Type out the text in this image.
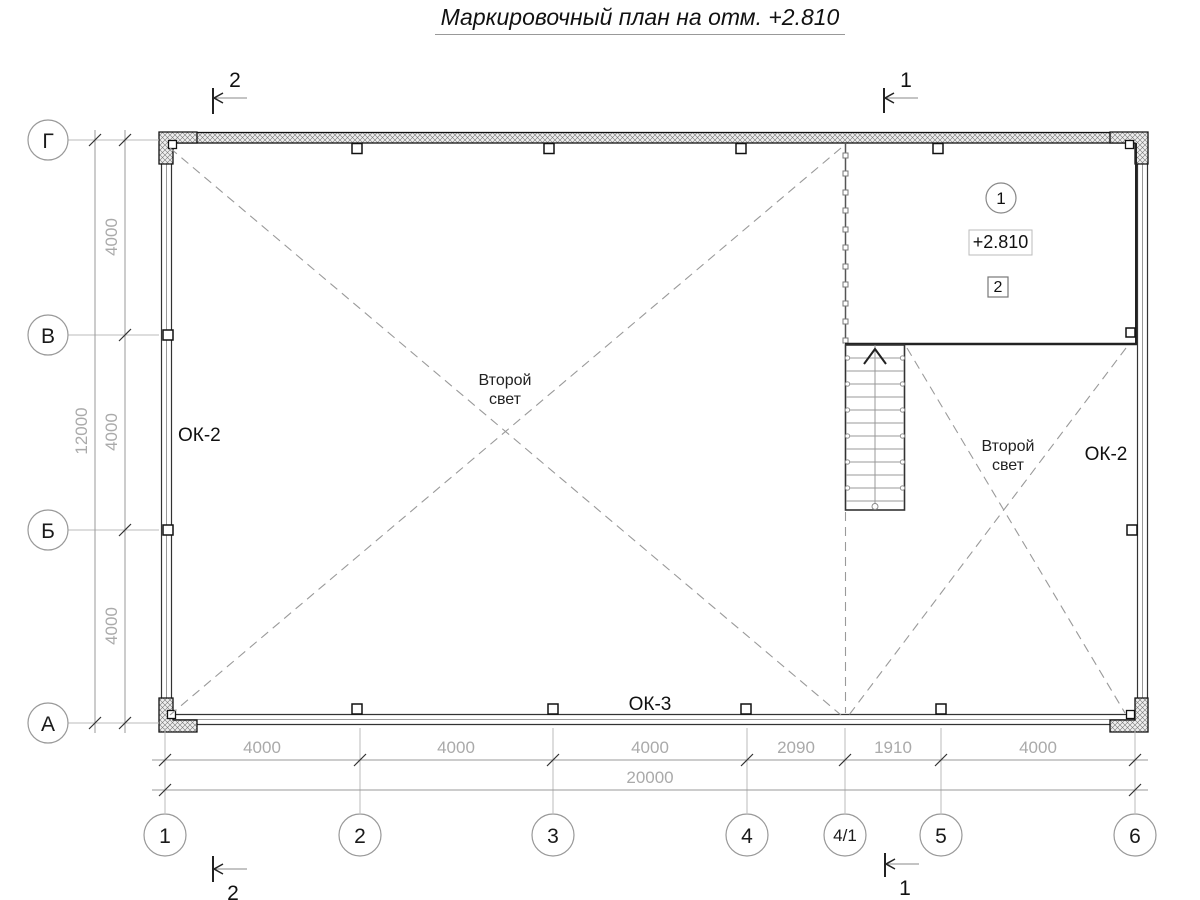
Маркировочный план на отм. +2.810
1
+2.810
2
ОК-2
ОК-2
ОК-3
Второй
свет
Второй
свет
4000	4000	4000	2090	1910	4000
20000
4000
4000
4000
12000
Г
В
Б
А
1	2	3	4	4/1	5	6
2	1
2	1
